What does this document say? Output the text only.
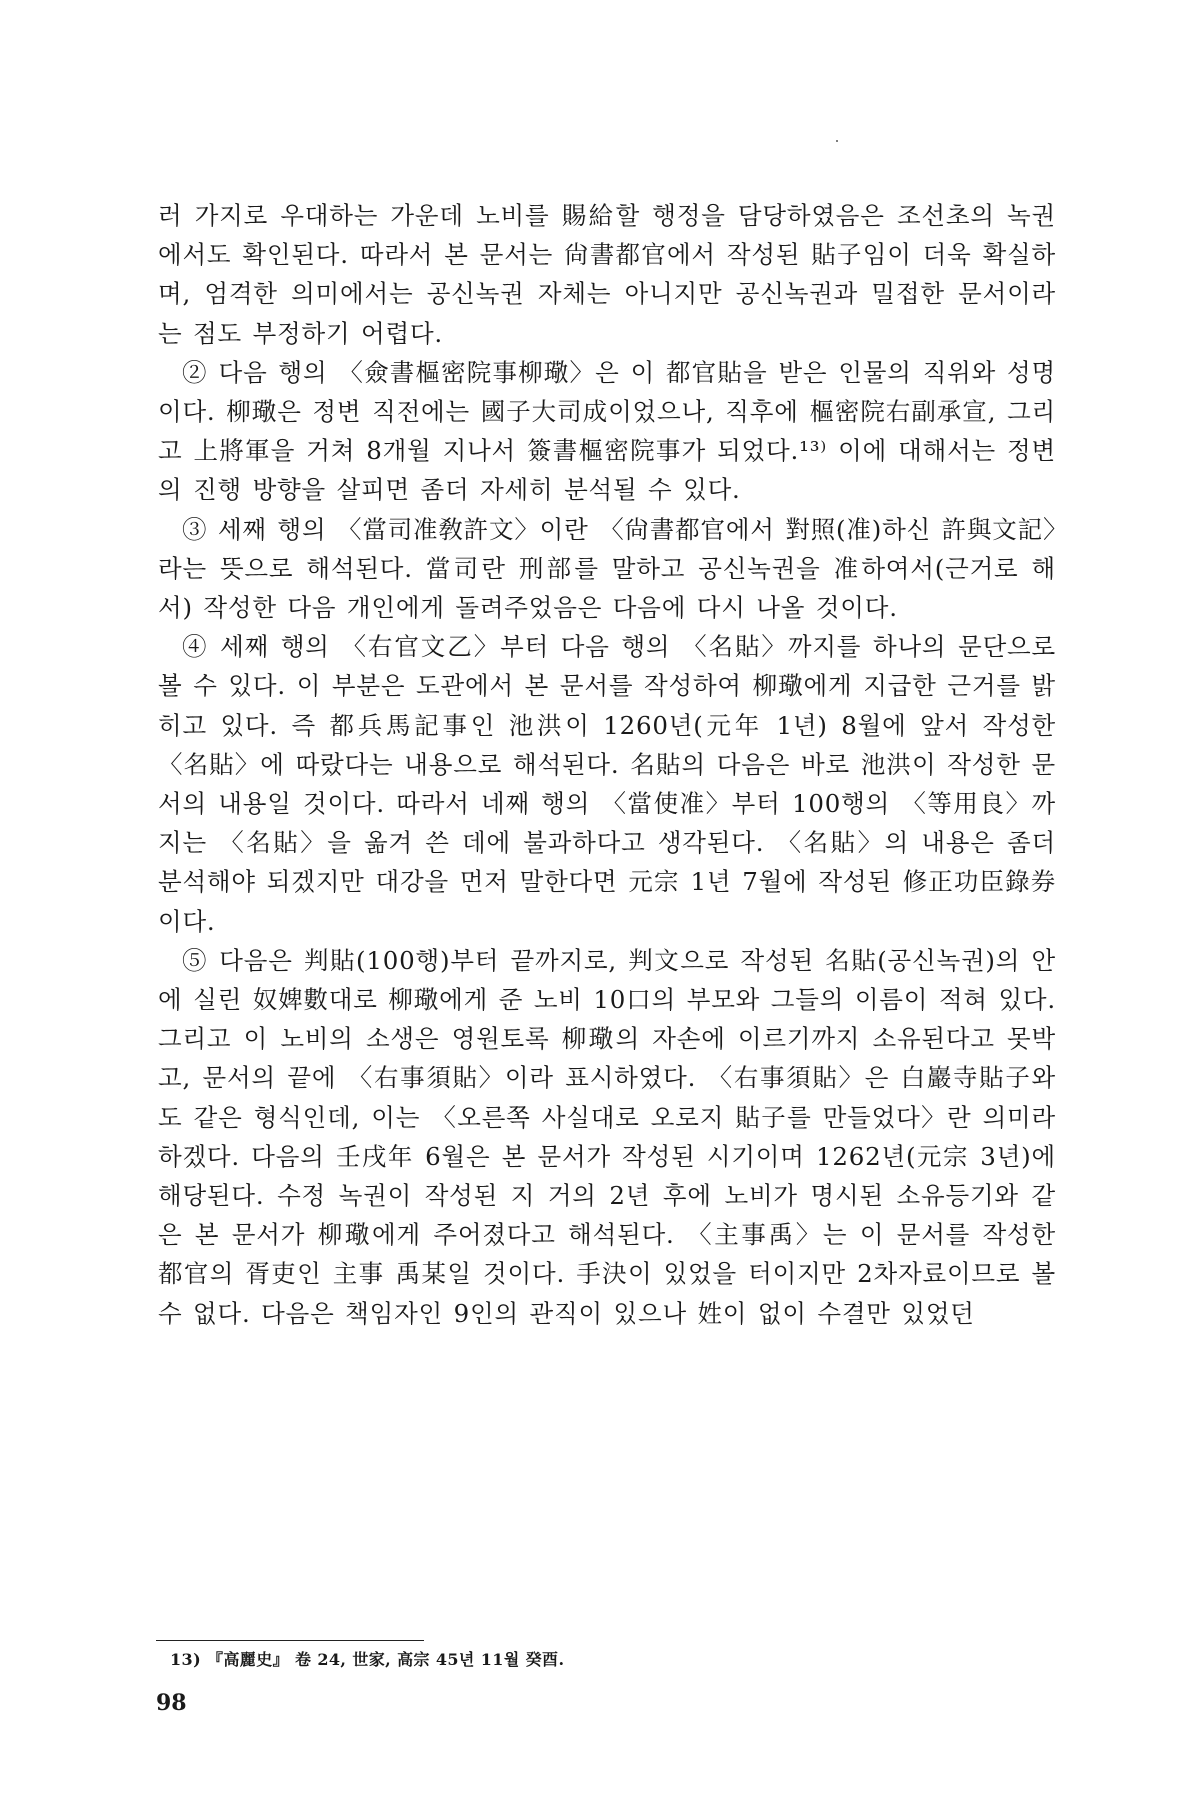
러 가지로 우대하는 가운데 노비를 賜給할 행정을 담당하였음은 조선초의 녹권에서도 확인된다. 따라서 본 문서는 尙書都官에서 작성된 貼子임이 더욱 확실하며, 엄격한 의미에서는 공신녹권 자체는 아니지만 공신녹권과 밀접한 문서이라는 점도 부정하기 어렵다.

② 다음 행의 〈僉書樞密院事柳璥〉은 이 都官貼을 받은 인물의 직위와 성명이다. 柳璥은 정변 직전에는 國子大司成이었으나, 직후에 樞密院右副承宣, 그리고 上將軍을 거쳐 8개월 지나서 簽書樞密院事가 되었다.¹³⁾ 이에 대해서는 정변의 진행 방향을 살피면 좀더 자세히 분석될 수 있다.

③ 세째 행의 〈當司准敎許文〉이란 〈尙書都官에서 對照(准)하신 許與文記〉라는 뜻으로 해석된다. 當司란 刑部를 말하고 공신녹권을 准하여서(근거로 해서) 작성한 다음 개인에게 돌려주었음은 다음에 다시 나올 것이다.

④ 세째 행의 〈右官文乙〉부터 다음 행의 〈名貼〉까지를 하나의 문단으로 볼 수 있다. 이 부분은 도관에서 본 문서를 작성하여 柳璥에게 지급한 근거를 밝히고 있다. 즉 都兵馬記事인 池洪이 1260년(元年 1년) 8월에 앞서 작성한 〈名貼〉에 따랐다는 내용으로 해석된다. 名貼의 다음은 바로 池洪이 작성한 문서의 내용일 것이다. 따라서 네째 행의 〈當使准〉부터 100행의 〈等用良〉까지는 〈名貼〉을 옮겨 쓴 데에 불과하다고 생각된다. 〈名貼〉의 내용은 좀더 분석해야 되겠지만 대강을 먼저 말한다면 元宗 1년 7월에 작성된 修正功臣錄券이다.

⑤ 다음은 判貼(100행)부터 끝까지로, 判文으로 작성된 名貼(공신녹권)의 안에 실린 奴婢數대로 柳璥에게 준 노비 10口의 부모와 그들의 이름이 적혀 있다. 그리고 이 노비의 소생은 영원토록 柳璥의 자손에 이르기까지 소유된다고 못박고, 문서의 끝에 〈右事須貼〉이라 표시하였다. 〈右事須貼〉은 白巖寺貼子와도 같은 형식인데, 이는 〈오른쪽 사실대로 오로지 貼子를 만들었다〉란 의미라 하겠다. 다음의 壬戌年 6월은 본 문서가 작성된 시기이며 1262년(元宗 3년)에 해당된다. 수정 녹권이 작성된 지 거의 2년 후에 노비가 명시된 소유등기와 같은 본 문서가 柳璥에게 주어졌다고 해석된다. 〈主事禹〉는 이 문서를 작성한 都官의 胥吏인 主事 禹某일 것이다. 手決이 있었을 터이지만 2차자료이므로 볼 수 없다. 다음은 책임자인 9인의 관직이 있으나 姓이 없이 수결만 있었던

13) 『高麗史』 卷 24, 世家, 高宗 45년 11월 癸酉.
98
